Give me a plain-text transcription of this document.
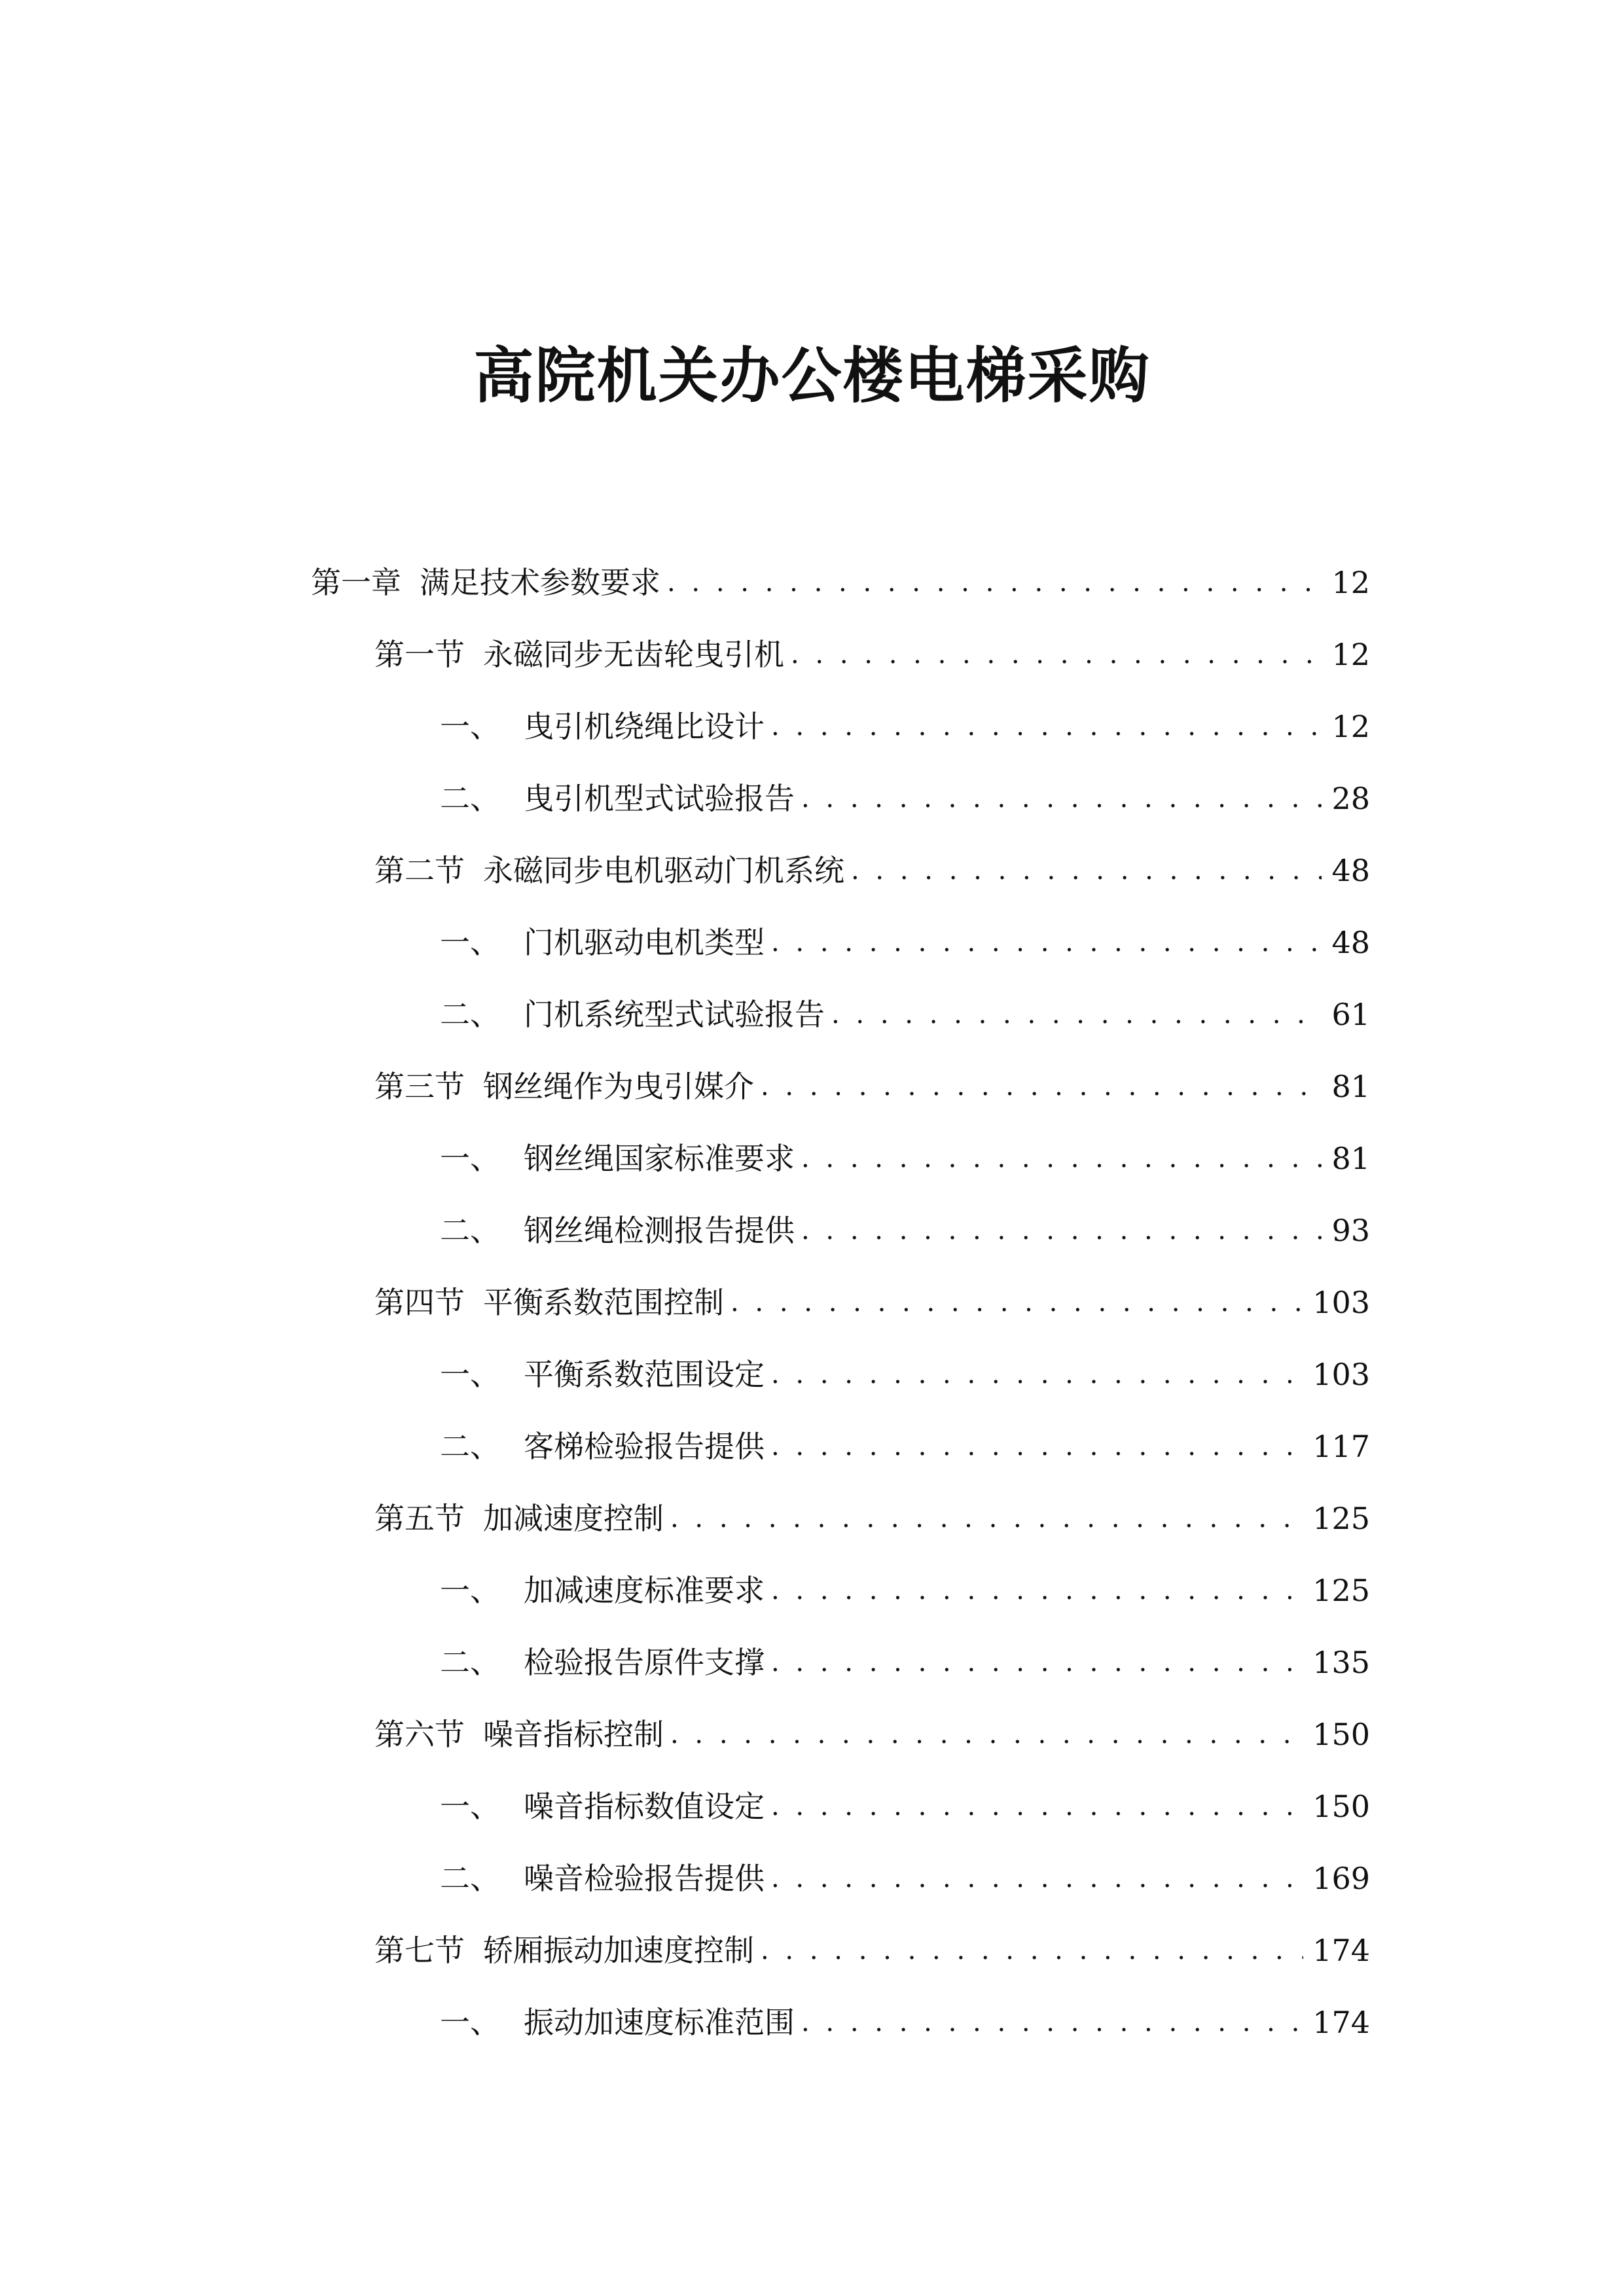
高院机关办公楼电梯采购
第一章 满足技术参数要求 . . .	12
第一节 永磁同步无齿轮曳引机 . . .	12
一、 曳引机绕绳比设计 . . .	12
二、 曳引机型式试验报告 . . .	28
第二节 永磁同步电机驱动门机系统 . . .	48
一、 门机驱动电机类型 . . .	48
二、 门机系统型式试验报告 . . .	61
第三节 钢丝绳作为曳引媒介 . . .	81
一、 钢丝绳国家标准要求 . . .	81
二、 钢丝绳检测报告提供 . . .	93
第四节 平衡系数范围控制 . . .	103
一、 平衡系数范围设定 . . .	103
二、 客梯检验报告提供 . . .	117
第五节 加减速度控制 . . .	125
一、 加减速度标准要求 . . .	125
二、 检验报告原件支撑 . . .	135
第六节 噪音指标控制 . . .	150
一、 噪音指标数值设定 . . .	150
二、 噪音检验报告提供 . . .	169
第七节 轿厢振动加速度控制 . . .	174
一、 振动加速度标准范围 . . .	174
